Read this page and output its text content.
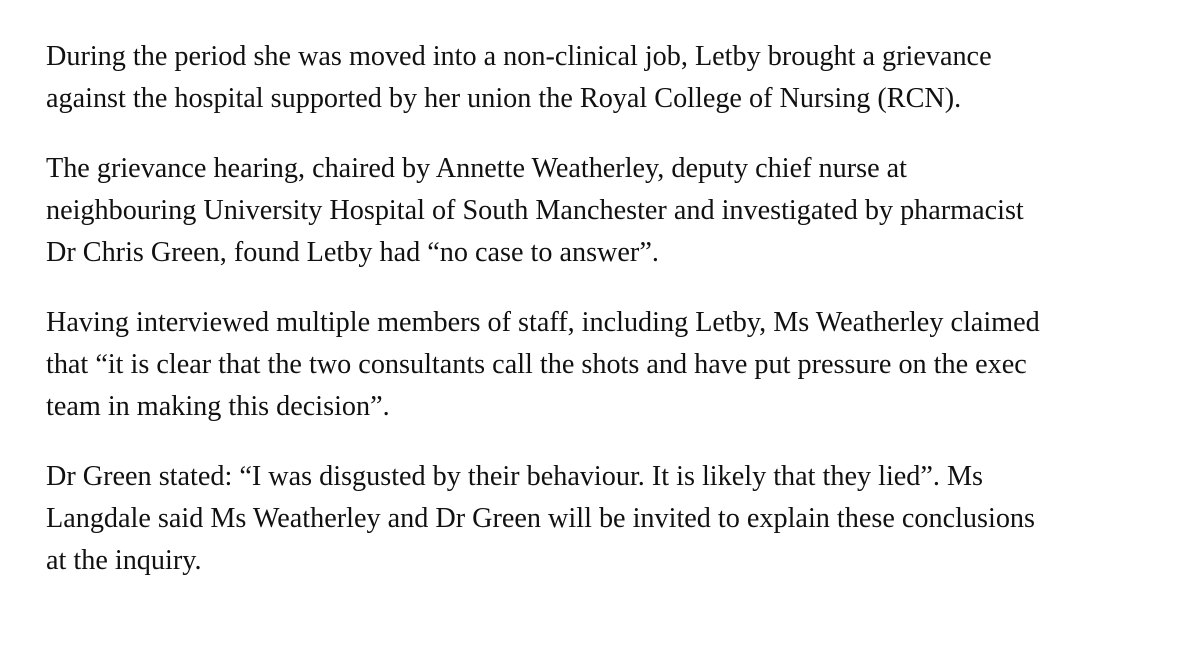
During the period she was moved into a non-clinical job, Letby brought a grievance
against the hospital supported by her union the Royal College of Nursing (RCN).

The grievance hearing, chaired by Annette Weatherley, deputy chief nurse at
neighbouring University Hospital of South Manchester and investigated by pharmacist
Dr Chris Green, found Letby had “no case to answer”.

Having interviewed multiple members of staff, including Letby, Ms Weatherley claimed
that “it is clear that the two consultants call the shots and have put pressure on the exec
team in making this decision”.

Dr Green stated: “I was disgusted by their behaviour. It is likely that they lied”. Ms
Langdale said Ms Weatherley and Dr Green will be invited to explain these conclusions
at the inquiry.
